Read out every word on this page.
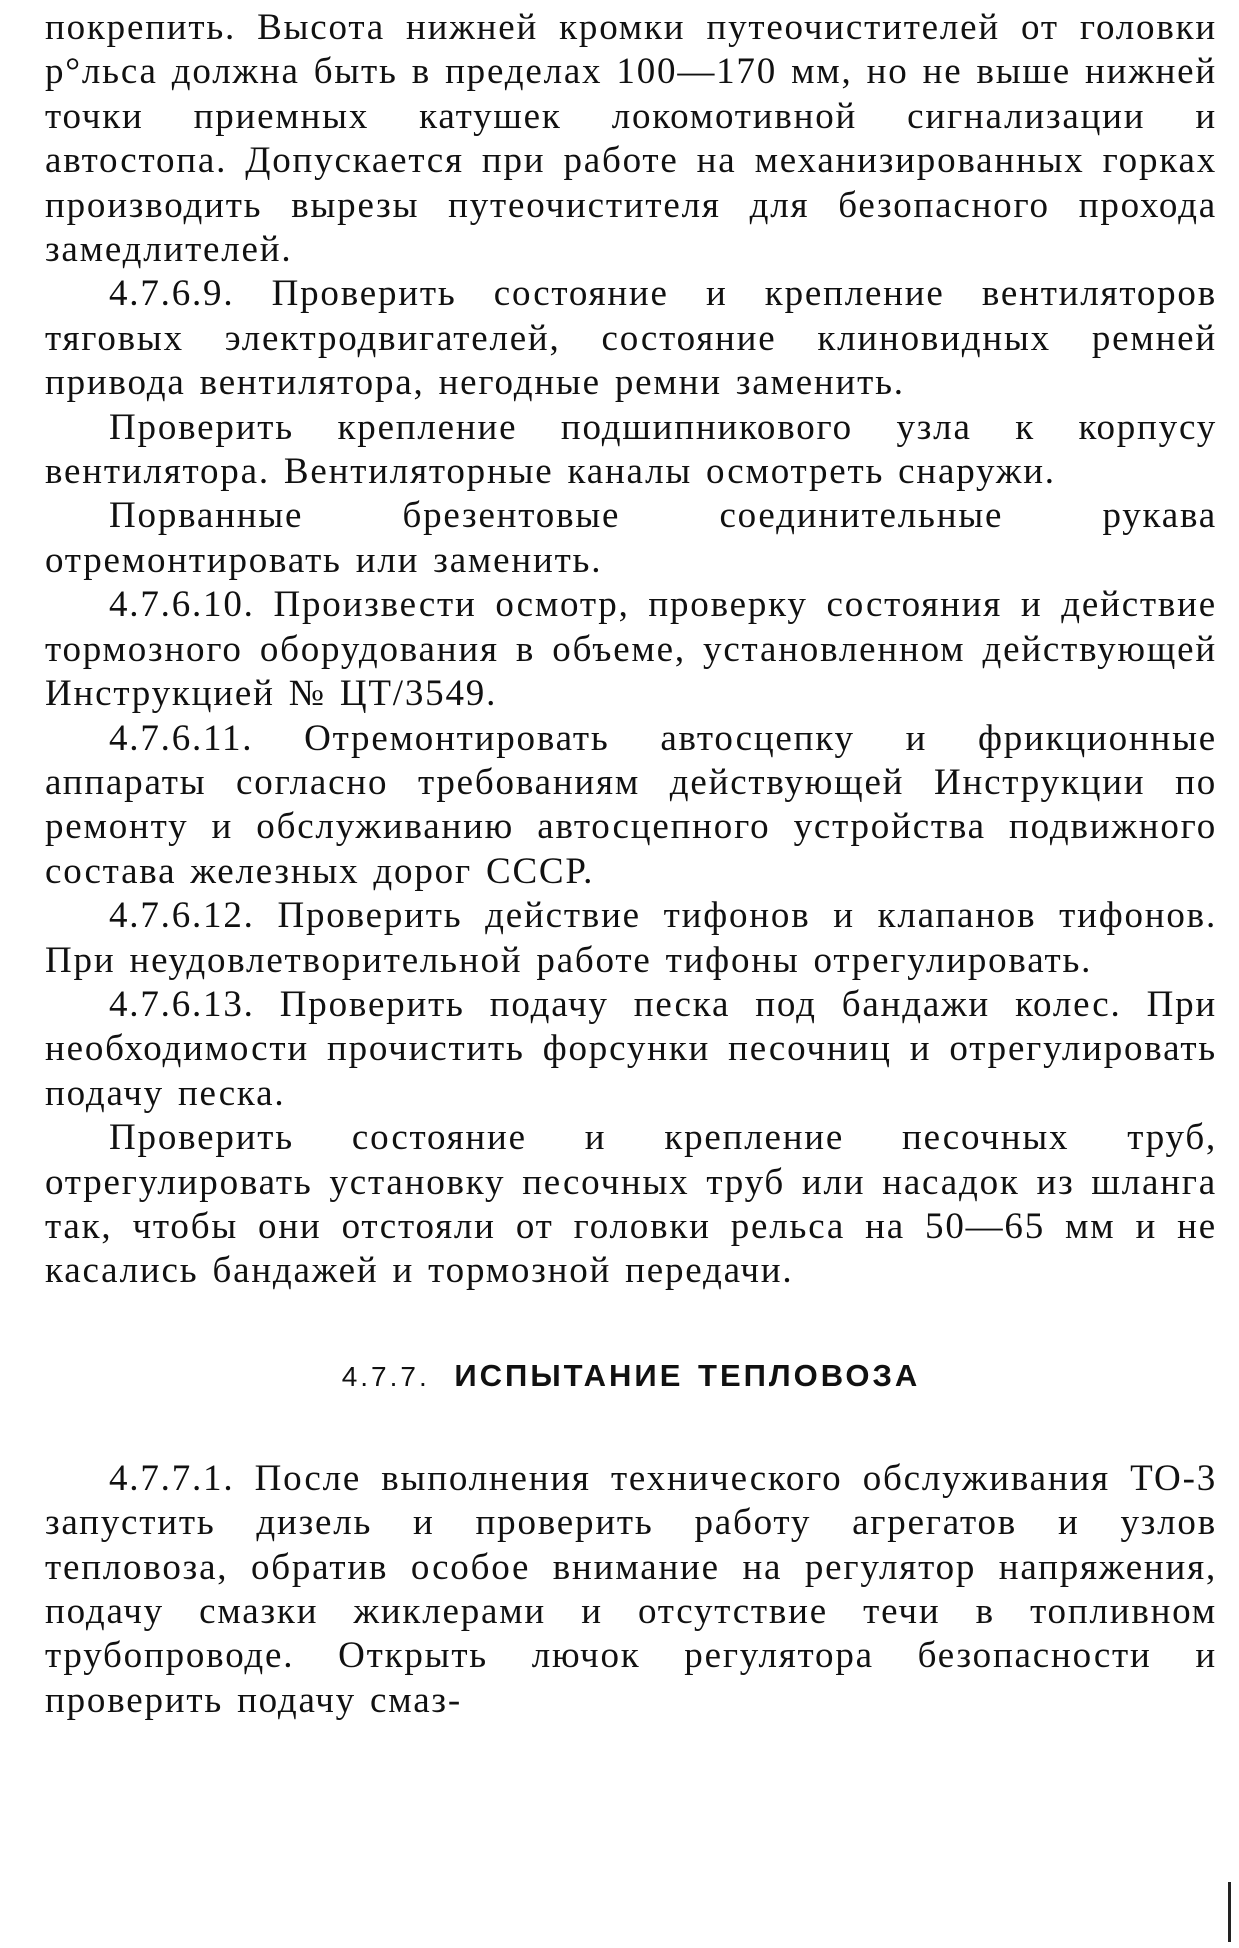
покрепить. Высота нижней кромки путеочистителей от головки р°льса должна быть в пределах 100—170 мм, но не выше нижней точки приемных катушек локомотивной сигнализации и автостопа. Допускается при работе на механизированных горках производить вырезы путеочистителя для безопасного прохода замедлителей.

4.7.6.9. Проверить состояние и крепление вентиляторов тяговых электродвигателей, состояние клиновидных ремней привода вентилятора, негодные ремни заменить.

Проверить крепление подшипникового узла к корпусу вентилятора. Вентиляторные каналы осмотреть снаружи.

Порванные брезентовые соединительные рукава отремонтировать или заменить.

4.7.6.10. Произвести осмотр, проверку состояния и действие тормозного оборудования в объеме, установленном действующей Инструкцией № ЦТ/3549.

4.7.6.11. Отремонтировать автосцепку и фрикционные аппараты согласно требованиям действующей Инструкции по ремонту и обслуживанию автосцепного устройства подвижного состава железных дорог СССР.

4.7.6.12. Проверить действие тифонов и клапанов тифонов. При неудовлетворительной работе тифоны отрегулировать.

4.7.6.13. Проверить подачу песка под бандажи колес. При необходимости прочистить форсунки песочниц и отрегулировать подачу песка.

Проверить состояние и крепление песочных труб, отрегулировать установку песочных труб или насадок из шланга так, чтобы они отстояли от головки рельса на 50—65 мм и не касались бандажей и тормозной передачи.

4.7.7. ИСПЫТАНИЕ ТЕПЛОВОЗА

4.7.7.1. После выполнения технического обслуживания ТО-3 запустить дизель и проверить работу агрегатов и узлов тепловоза, обратив особое внимание на регулятор напряжения, подачу смазки жиклерами и отсутствие течи в топливном трубопроводе. Открыть лючок регулятора безопасности и проверить подачу смаз-
